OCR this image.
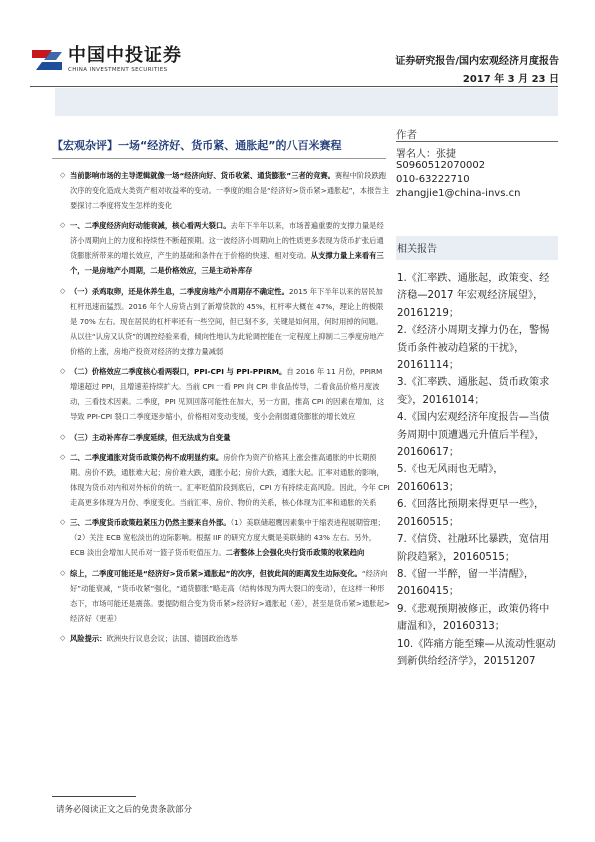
中国中投证券
CHINA INVESTMENT SECURITIES
证券研究报告/国内宏观经济月度报告
2017 年 3 月 23 日
【宏观杂评】一场“经济好、货币紧、通胀起”的八百米赛程
作者
署名人：张捷
S0960512070002
010-63222710
zhangjie1@china-invs.cn
相关报告
1.《汇率跌、通胀起，政策变、经济稳—2017 年宏观经济展望》，20161219；
2.《经济小周期支撑力仍在，警惕货币条件被动趋紧的干扰》，20161114；
3.《汇率跌、通胀起、货币政策求变》，20161014；
4.《国内宏观经济年度报告—当债务周期中顶遭遇元升值后半程》，20160617；
5.《也无风雨也无晴》，20160613；
6.《回落比预期来得更早一些》，20160515；
7.《信贷、社融环比暴跌，宽信用阶段趋紧》，20160515；
8.《留一半醉，留一半清醒》，20160415；
9.《悲观预期被修正，政策仍将中庸温和》，20160313；
10.《阵痛方能至臻—从流动性驱动到新供给经济学》，20151207
◇ 当前影响市场的主导逻辑就像一场“经济向好、货币收紧、通货膨胀”三者的竞赛。赛程中阶段跌跑次序的变化造成大类资产相对收益率的变动。一季度的组合是“经济好>货币紧>通胀起”，本报告主要探讨二季度将发生怎样的变化
◇ 一、二季度经济向好动能衰减，核心看两大裂口。去年下半年以来，市场普遍重要的支撑力量是经济小周期向上的力度和持续性不断超预期。这一波经济小周期向上的性质更多表现为货币扩张后通货膨胀所带来的增长效应，产生的基础和条件在于价格的快速、相对变动。从支撑力量上来看有三个，一是房地产小周期，二是价格效应，三是主动补库存
◇ （一）杀鸡取卵，还是休养生息，二季度房地产小周期存不确定性。2015 年下半年以来的居民加杠杆迅速而猛烈。2016 年个人房贷占到了新增贷款的 45%，杠杆率大概在 47%，理论上的极限是 70% 左右。现在居民的杠杆率还有一些空间，但已刻不多，关键是如何用，何时用掉的问题。从以往“认房又认贷”的调控经验来看，倾向性地认为此轮调控能在一定程度上抑制二三季度房地产价格的上涨，房地产投资对经济的支撑力量减弱
◇ （二）价格效应二季度核心看两裂口，PPI-CPI 与 PPI-PPIRM。自 2016 年 11 月份，PPIRM 增速超过 PPI，且增速差持续扩大。当前 CPI 一看 PPI 向 CPI 非食品传导，二看食品价格月度波动，三看技术因素。二季度，PPI 见顶回落可能性在加大，另一方面，推高 CPI 的因素在增加，这导致 PPI-CPI 裂口二季度逐步缩小，价格相对变动变缓，变小会削弱通货膨胀的增长效应
◇ （三）主动补库存二季度延续，但无法成为自变量
◇ 二、二季度通胀对货币政策仍构不成明显约束。房价作为资产价格其上涨会推高通胀的中长期预期。房价不跌，通胀难大起；房价难大跌，通胀小起；房价大跌，通胀大起。汇率对通胀的影响，体现为货币对内和对外标价的统一。汇率贬值阶段到底后，CPI 方有持续走高风险。因此，今年 CPI 走高更多体现为月份、季度变化。当前汇率、房价、物价的关系，核心体现为汇率和通胀的关系
◇ 三、二季度货币政策趋紧压力仍然主要来自外部。（1）美联储超鹰因素集中于缩表进程展期管理；（2）关注 ECB 宽松淡出的边际影响。根据 IIF 的研究方度大概是美联储的 43% 左右。另外，ECB 淡出会增加人民币对一篮子货币贬值压力。二者整体上会强化央行货币政策的收紧趋向
◇ 综上，二季度可能还是“经济好>货币紧>通胀起”的次序，但彼此间的距离发生边际变化。“经济向好”动能衰减，“货币收紧”强化，“通货膨胀”略走高（结构体现为两大裂口的变动），在这样一种形态下，市场可能还是震荡。要提防组合变为货币紧>经济好>通胀起（差），甚至是货币紧>通胀起>经济好（更差）
◇ 风险提示：欧洲央行议息会议；法国、德国政治选举
请务必阅读正文之后的免责条款部分
